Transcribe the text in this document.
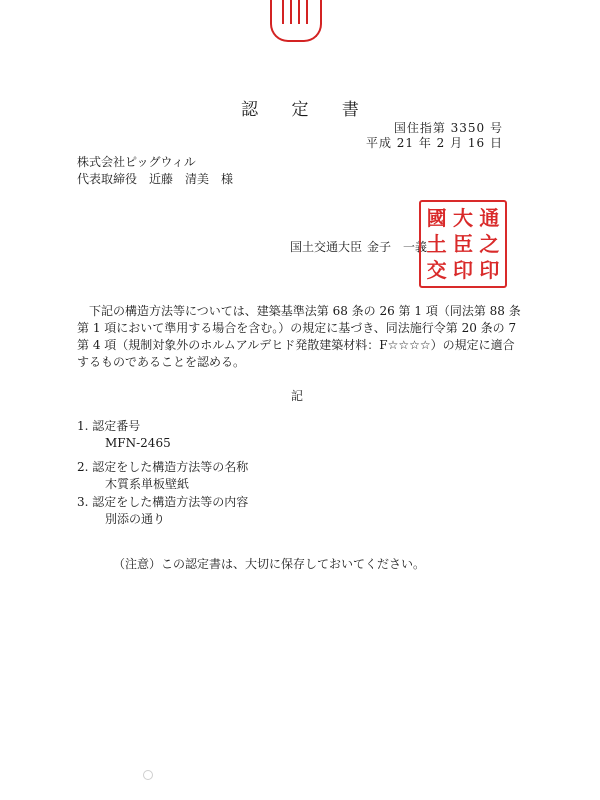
認 定 書
国住指第 3350 号
平成 21 年 2 月 16 日
株式会社ピッグウィル
代表取締役　近藤　清美　様
国土交通大臣 金子　一義
國 大 通
土 臣 之
交 印 印
下記の構造方法等については、建築基準法第 68 条の 26 第 1 項（同法第 88 条第 1 項において準用する場合を含む。）の規定に基づき、同法施行令第 20 条の 7 第 4 項（規制対象外のホルムアルデヒド発散建築材料：F☆☆☆☆）の規定に適合するものであることを認める。
記
1. 認定番号
MFN-2465
2. 認定をした構造方法等の名称
木質系単板壁紙
3. 認定をした構造方法等の内容
別添の通り
（注意）この認定書は、大切に保存しておいてください。
